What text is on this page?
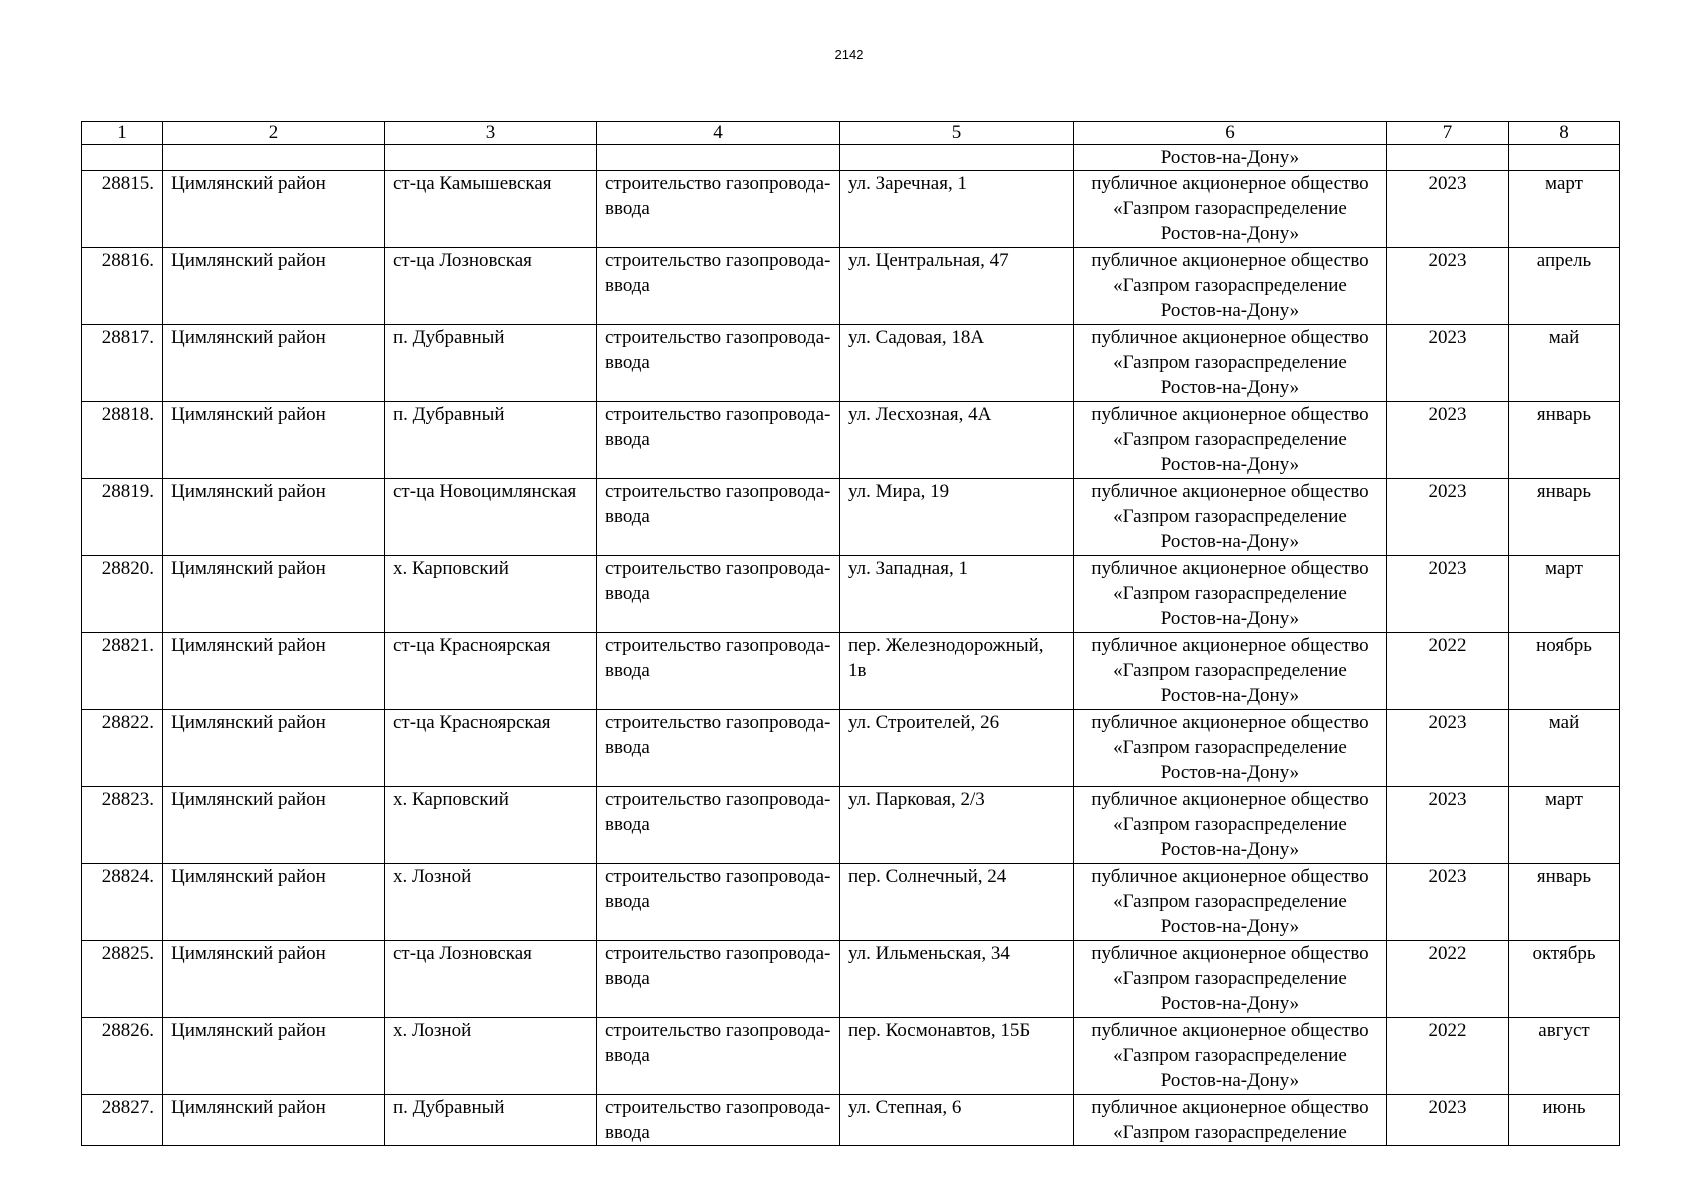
2142
1	2	3	4	5	6	7	8
					Ростов-на-Дону»		
28815.	Цимлянский район	ст-ца Камышевская	строительство газопровода-ввода	ул. Заречная, 1	публичное акционерное общество «Газпром газораспределение Ростов-на-Дону»	2023	март
28816.	Цимлянский район	ст-ца Лозновская	строительство газопровода-ввода	ул. Центральная, 47	публичное акционерное общество «Газпром газораспределение Ростов-на-Дону»	2023	апрель
28817.	Цимлянский район	п. Дубравный	строительство газопровода-ввода	ул. Садовая, 18А	публичное акционерное общество «Газпром газораспределение Ростов-на-Дону»	2023	май
28818.	Цимлянский район	п. Дубравный	строительство газопровода-ввода	ул. Лесхозная, 4А	публичное акционерное общество «Газпром газораспределение Ростов-на-Дону»	2023	январь
28819.	Цимлянский район	ст-ца Новоцимлянская	строительство газопровода-ввода	ул. Мира, 19	публичное акционерное общество «Газпром газораспределение Ростов-на-Дону»	2023	январь
28820.	Цимлянский район	х. Карповский	строительство газопровода-ввода	ул. Западная, 1	публичное акционерное общество «Газпром газораспределение Ростов-на-Дону»	2023	март
28821.	Цимлянский район	ст-ца Красноярская	строительство газопровода-ввода	пер. Железнодорожный, 1в	публичное акционерное общество «Газпром газораспределение Ростов-на-Дону»	2022	ноябрь
28822.	Цимлянский район	ст-ца Красноярская	строительство газопровода-ввода	ул. Строителей, 26	публичное акционерное общество «Газпром газораспределение Ростов-на-Дону»	2023	май
28823.	Цимлянский район	х. Карповский	строительство газопровода-ввода	ул. Парковая, 2/3	публичное акционерное общество «Газпром газораспределение Ростов-на-Дону»	2023	март
28824.	Цимлянский район	х. Лозной	строительство газопровода-ввода	пер. Солнечный, 24	публичное акционерное общество «Газпром газораспределение Ростов-на-Дону»	2023	январь
28825.	Цимлянский район	ст-ца Лозновская	строительство газопровода-ввода	ул. Ильменьская, 34	публичное акционерное общество «Газпром газораспределение Ростов-на-Дону»	2022	октябрь
28826.	Цимлянский район	х. Лозной	строительство газопровода-ввода	пер. Космонавтов, 15Б	публичное акционерное общество «Газпром газораспределение Ростов-на-Дону»	2022	август
28827.	Цимлянский район	п. Дубравный	строительство газопровода-ввода	ул. Степная, 6	публичное акционерное общество «Газпром газораспределение	2023	июнь
